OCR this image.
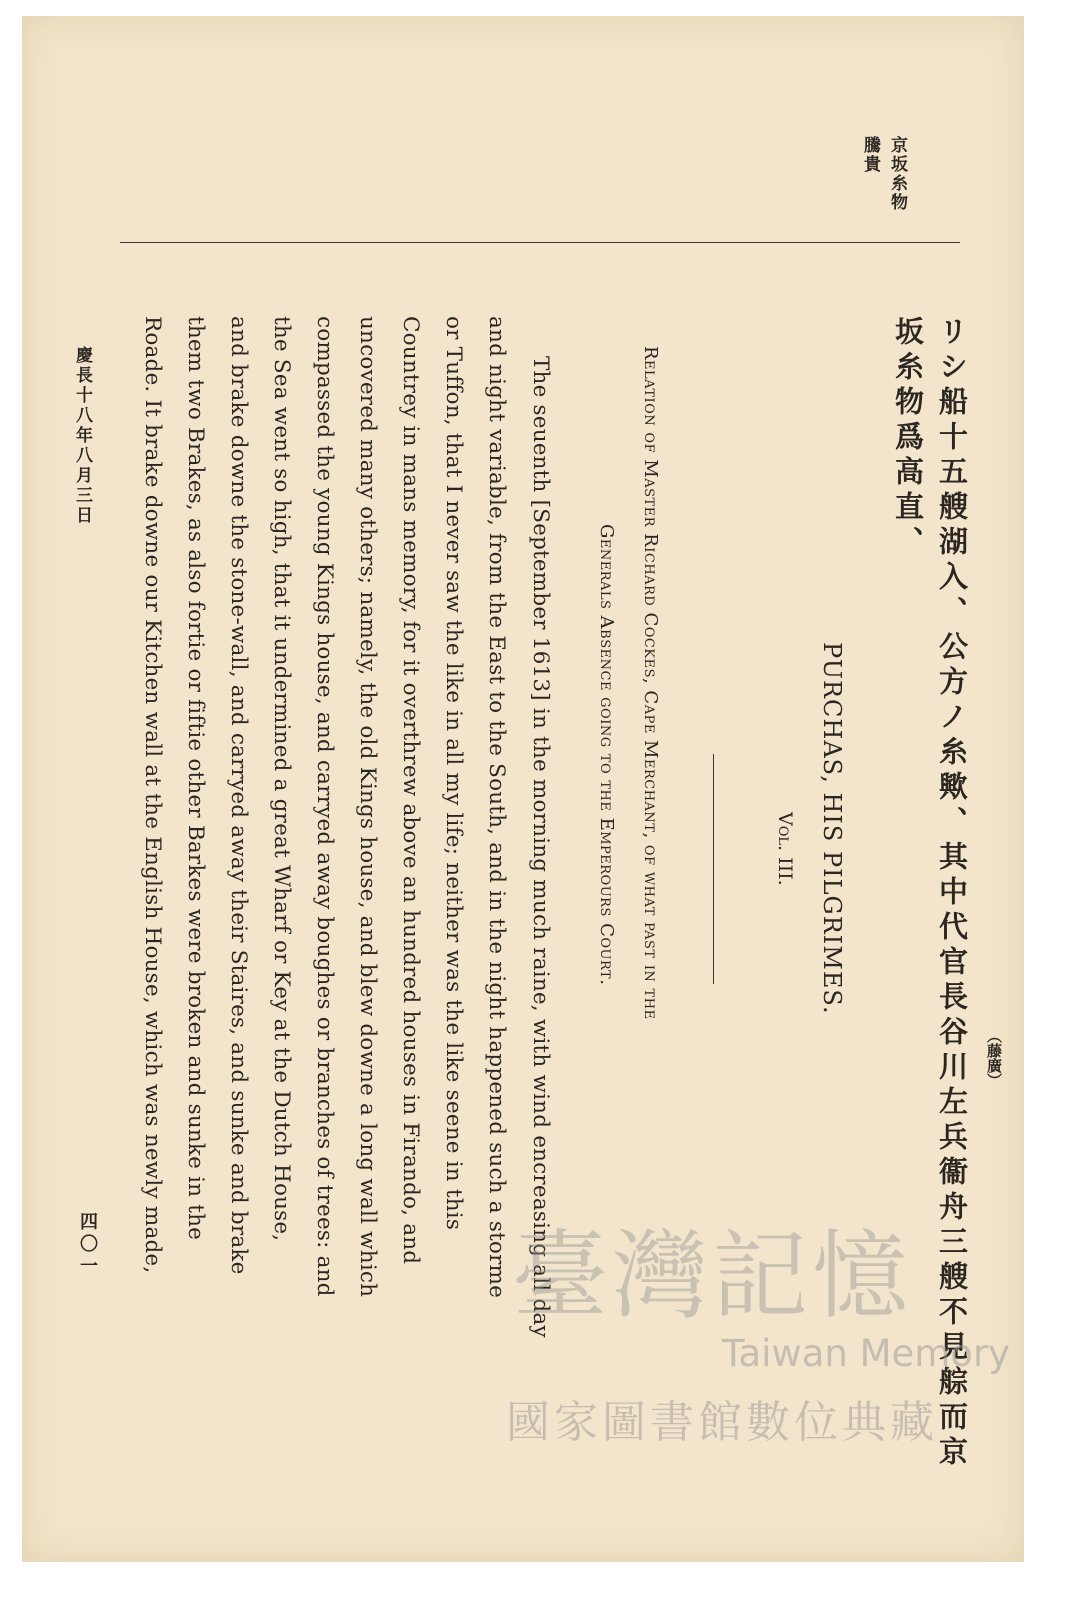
京坂糸物
騰貴
リシ船十五艘湖入、公方ノ糸歟、其中代官長谷川左兵衞舟三艘不見䑸而京 （藤廣）
坂糸物爲高直、
PURCHAS, HIS PILGRIMES.
Vol. III.
Relation of Master Richard Cockes, Cape Merchant, of what past in the
Generals Absence going to the Emperours Court.
The seuenth [September 1613] in the morning much raine, with wind encreasing all day
and night variable, from the East to the South, and in the night happened such a storme
or Tuffon, that I never saw the like in all my life; neither was the like seene in this
Countrey in mans memory, for it overthrew above an hundred houses in Firando, and
uncovered many others; namely, the old Kings house, and blew downe a long wall which
compassed the young Kings house, and carryed away boughes or branches of trees: and
the Sea went so high, that it undermined a great Wharf or Key at the Dutch House,
and brake downe the stone-wall, and carryed away their Staires, and sunke and brake
them two Brakes, as also fortie or fiftie other Barkes were broken and sunke in the
Roade. It brake downe our Kitchen wall at the English House, which was newly made,
慶長十八年八月三日
四〇一	臺灣記憶
Taiwan Memory
國家圖書館數位典藏
